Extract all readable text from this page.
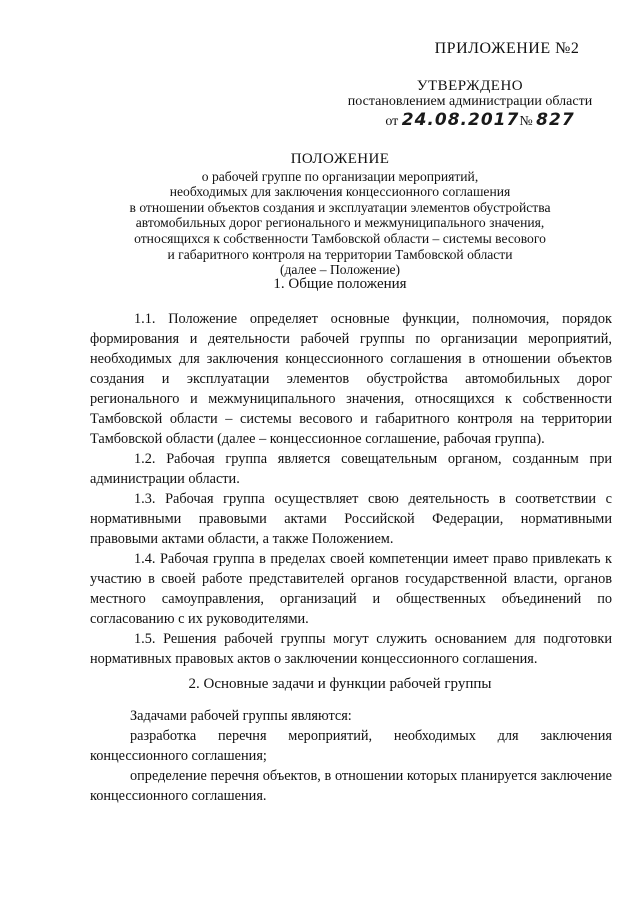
ПРИЛОЖЕНИЕ №2
УТВЕРЖДЕНО
постановлением администрации области
от 24.08.2017№ 827
ПОЛОЖЕНИЕ
о рабочей группе по организации мероприятий,
необходимых для заключения концессионного соглашения
в отношении объектов создания и эксплуатации элементов обустройства
автомобильных дорог регионального и межмуниципального значения,
относящихся к собственности Тамбовской области – системы весового
и габаритного контроля на территории Тамбовской области
(далее – Положение)
1. Общие положения

1.1. Положение определяет основные функции, полномочия, порядок формирования и деятельности рабочей группы по организации мероприятий, необходимых для заключения концессионного соглашения в отношении объектов создания и эксплуатации элементов обустройства автомобильных дорог регионального и межмуниципального значения, относящихся к собственности Тамбовской области – системы весового и габаритного контроля на территории Тамбовской области (далее – концессионное соглашение, рабочая группа).

1.2. Рабочая группа является совещательным органом, созданным при администрации области.

1.3. Рабочая группа осуществляет свою деятельность в соответствии с нормативными правовыми актами Российской Федерации, нормативными правовыми актами области, а также Положением.

1.4. Рабочая группа в пределах своей компетенции имеет право привлекать к участию в своей работе представителей органов государственной власти, органов местного самоуправления, организаций и общественных объединений по согласованию с их руководителями.

1.5. Решения рабочей группы могут служить основанием для подготовки нормативных правовых актов о заключении концессионного соглашения.

2. Основные задачи и функции рабочей группы

Задачами рабочей группы являются:

разработка перечня мероприятий, необходимых для заключения концессионного соглашения;

определение перечня объектов, в отношении которых планируется заключение концессионного соглашения.
